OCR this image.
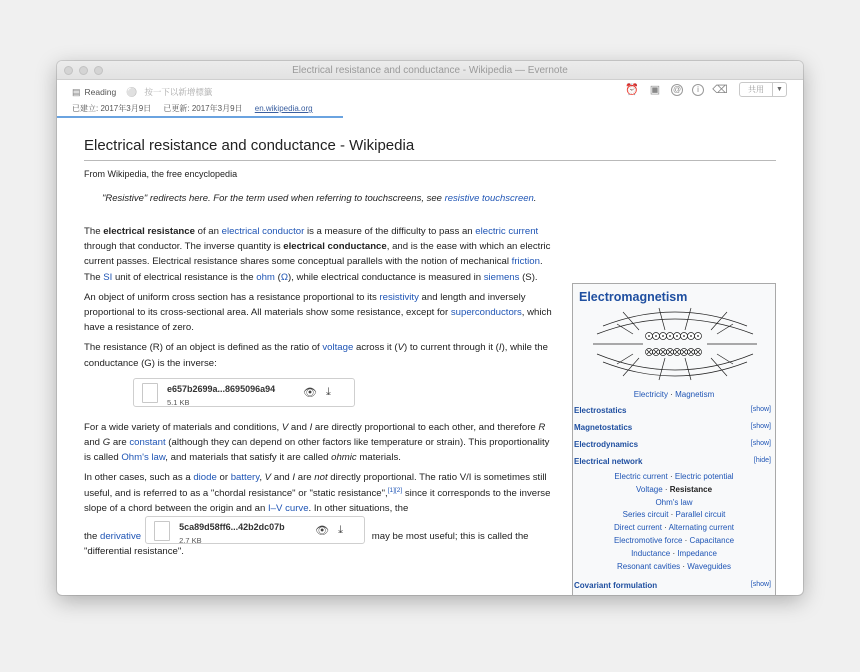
Electrical resistance and conductance - Wikipedia — Evernote
▤ Reading ⚪ 按一下以新增標籤	⏰ ▣ @	i	⌫	共用	▼
已建立: 2017年3月9日 已更新: 2017年3月9日 en.wikipedia.org
Electrical resistance and conductance - Wikipedia
From Wikipedia, the free encyclopedia
"Resistive" redirects here. For the term used when referring to touchscreens, see resistive touchscreen.

The electrical resistance of an electrical conductor is a measure of the difficulty to pass an electric current through that conductor. The inverse quantity is electrical conductance, and is the ease with which an electric current passes. Electrical resistance shares some conceptual parallels with the notion of mechanical friction. The SI unit of electrical resistance is the ohm (Ω), while electrical conductance is measured in siemens (S).

An object of uniform cross section has a resistance proportional to its resistivity and length and inversely proportional to its cross-sectional area. All materials show some resistance, except for superconductors, which have a resistance of zero.

The resistance (R) of an object is defined as the ratio of voltage across it (V) to current through it (I), while the conductance (G) is the inverse:

e657b2699a...8695096a94
5.1 KB
👁 ⤓

For a wide variety of materials and conditions, V and I are directly proportional to each other, and therefore R and G are constant (although they can depend on other factors like temperature or strain). This proportionality is called Ohm's law, and materials that satisfy it are called ohmic materials.

In other cases, such as a diode or battery, V and I are not directly proportional. The ratio V/I is sometimes still useful, and is referred to as a "chordal resistance" or "static resistance",[1][2] since it corresponds to the inverse slope of a chord between the origin and an I–V curve. In other situations, the
the derivative
5ca89d58ff6...42b2dc07b
2.7 KB
👁 ⤓
may be most useful; this is called the "differential resistance".

Electromagnetism
Electricity · Magnetism
Electrostatics	[show]
Magnetostatics	[show]
Electrodynamics	[show]
Electrical network	[hide]
Electric current · Electric potential
Voltage · Resistance
Ohm's law
Series circuit · Parallel circuit
Direct current · Alternating current
Electromotive force · Capacitance
Inductance · Impedance
Resonant cavities · Waveguides
Covariant formulation	[show]
